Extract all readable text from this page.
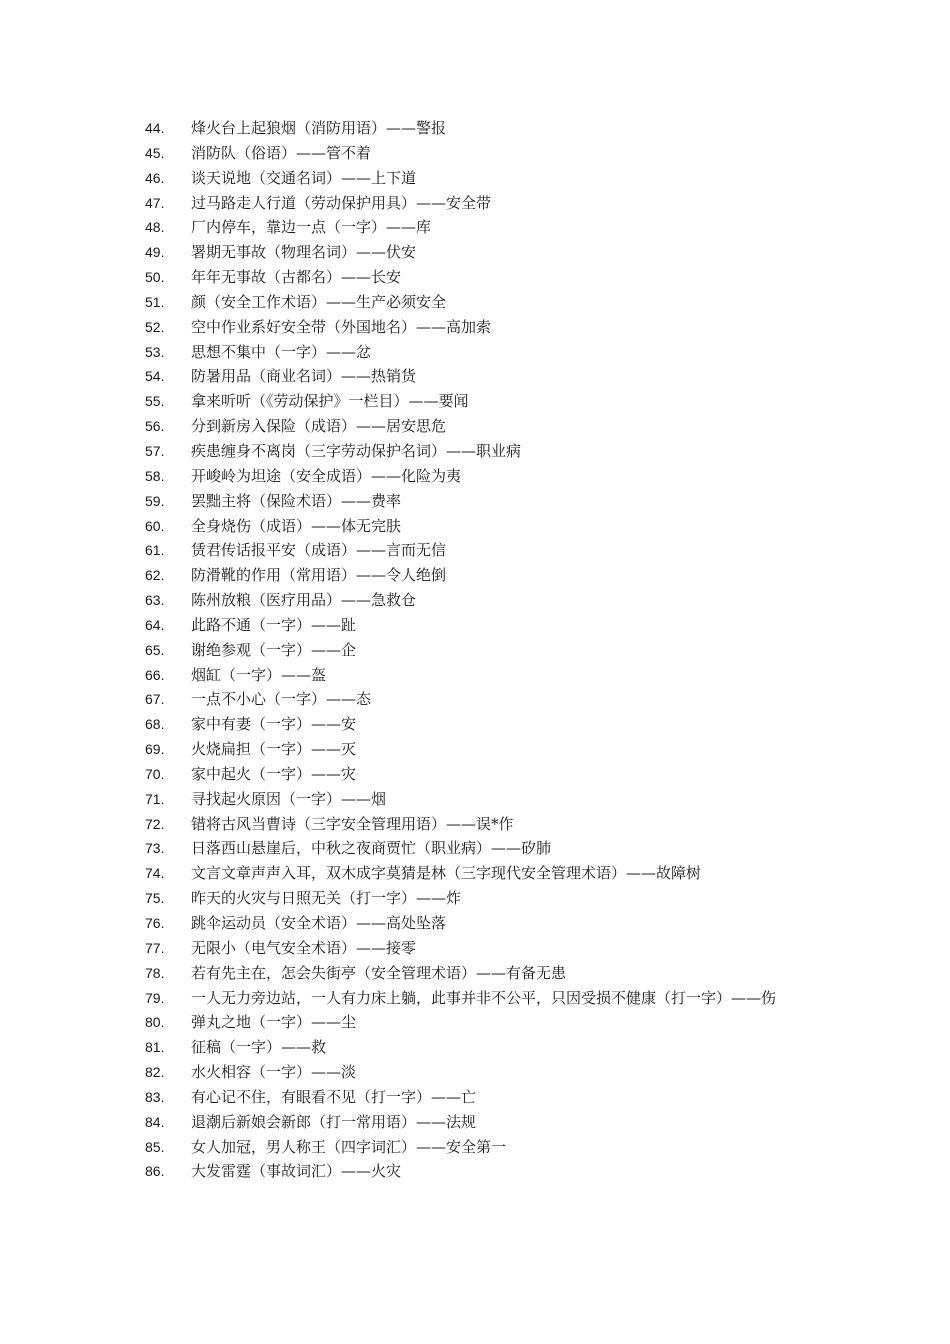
44.	烽火台上起狼烟（消防用语）——警报
45.	消防队（俗语）——管不着
46.	谈天说地（交通名词）——上下道
47.	过马路走人行道（劳动保护用具）——安全带
48.	厂内停车，靠边一点（一字）——库
49.	署期无事故（物理名词）——伏安
50.	年年无事故（古都名）——长安
51.	颜（安全工作术语）——生产必须安全
52.	空中作业系好安全带（外国地名）——高加索
53.	思想不集中（一字）——忿
54.	防暑用品（商业名词）——热销货
55.	拿来听听（《劳动保护》一栏目）——要闻
56.	分到新房入保险（成语）——居安思危
57.	疾患缠身不离岗（三字劳动保护名词）——职业病
58.	开峻岭为坦途（安全成语）——化险为夷
59.	罢黜主将（保险术语）——费率
60.	全身烧伤（成语）——体无完肤
61.	赁君传话报平安（成语）——言而无信
62.	防滑靴的作用（常用语）——令人绝倒
63.	陈州放粮（医疗用品）——急救仓
64.	此路不通（一字）——趾
65.	谢绝参观（一字）——企
66.	烟缸（一字）——盔
67.	一点不小心（一字）——态
68.	家中有妻（一字）——安
69.	火烧扁担（一字）——灭
70.	家中起火（一字）——灾
71.	寻找起火原因（一字）——烟
72.	错将古风当曹诗（三字安全管理用语）——误*作
73.	日落西山悬崖后，中秋之夜商贾忙（职业病）——矽肺
74.	文言文章声声入耳，双木成字莫猜是林（三字现代安全管理术语）——故障树
75.	昨天的火灾与日照无关（打一字）——炸
76.	跳伞运动员（安全术语）——高处坠落
77.	无限小（电气安全术语）——接零
78.	若有先主在，怎会失街亭（安全管理术语）——有备无患
79. 一人无力旁边站，一人有力床上躺，此事并非不公平，只因受损不健康（打一字）——伤
80.	弹丸之地（一字）——尘
81.	征稿（一字）——救
82.	水火相容（一字）——淡
83.	有心记不住，有眼看不见（打一字）——亡
84.	退潮后新娘会新郎（打一常用语）——法规
85.	女人加冠，男人称王（四字词汇）——安全第一
86.	大发雷霆（事故词汇）——火灾
